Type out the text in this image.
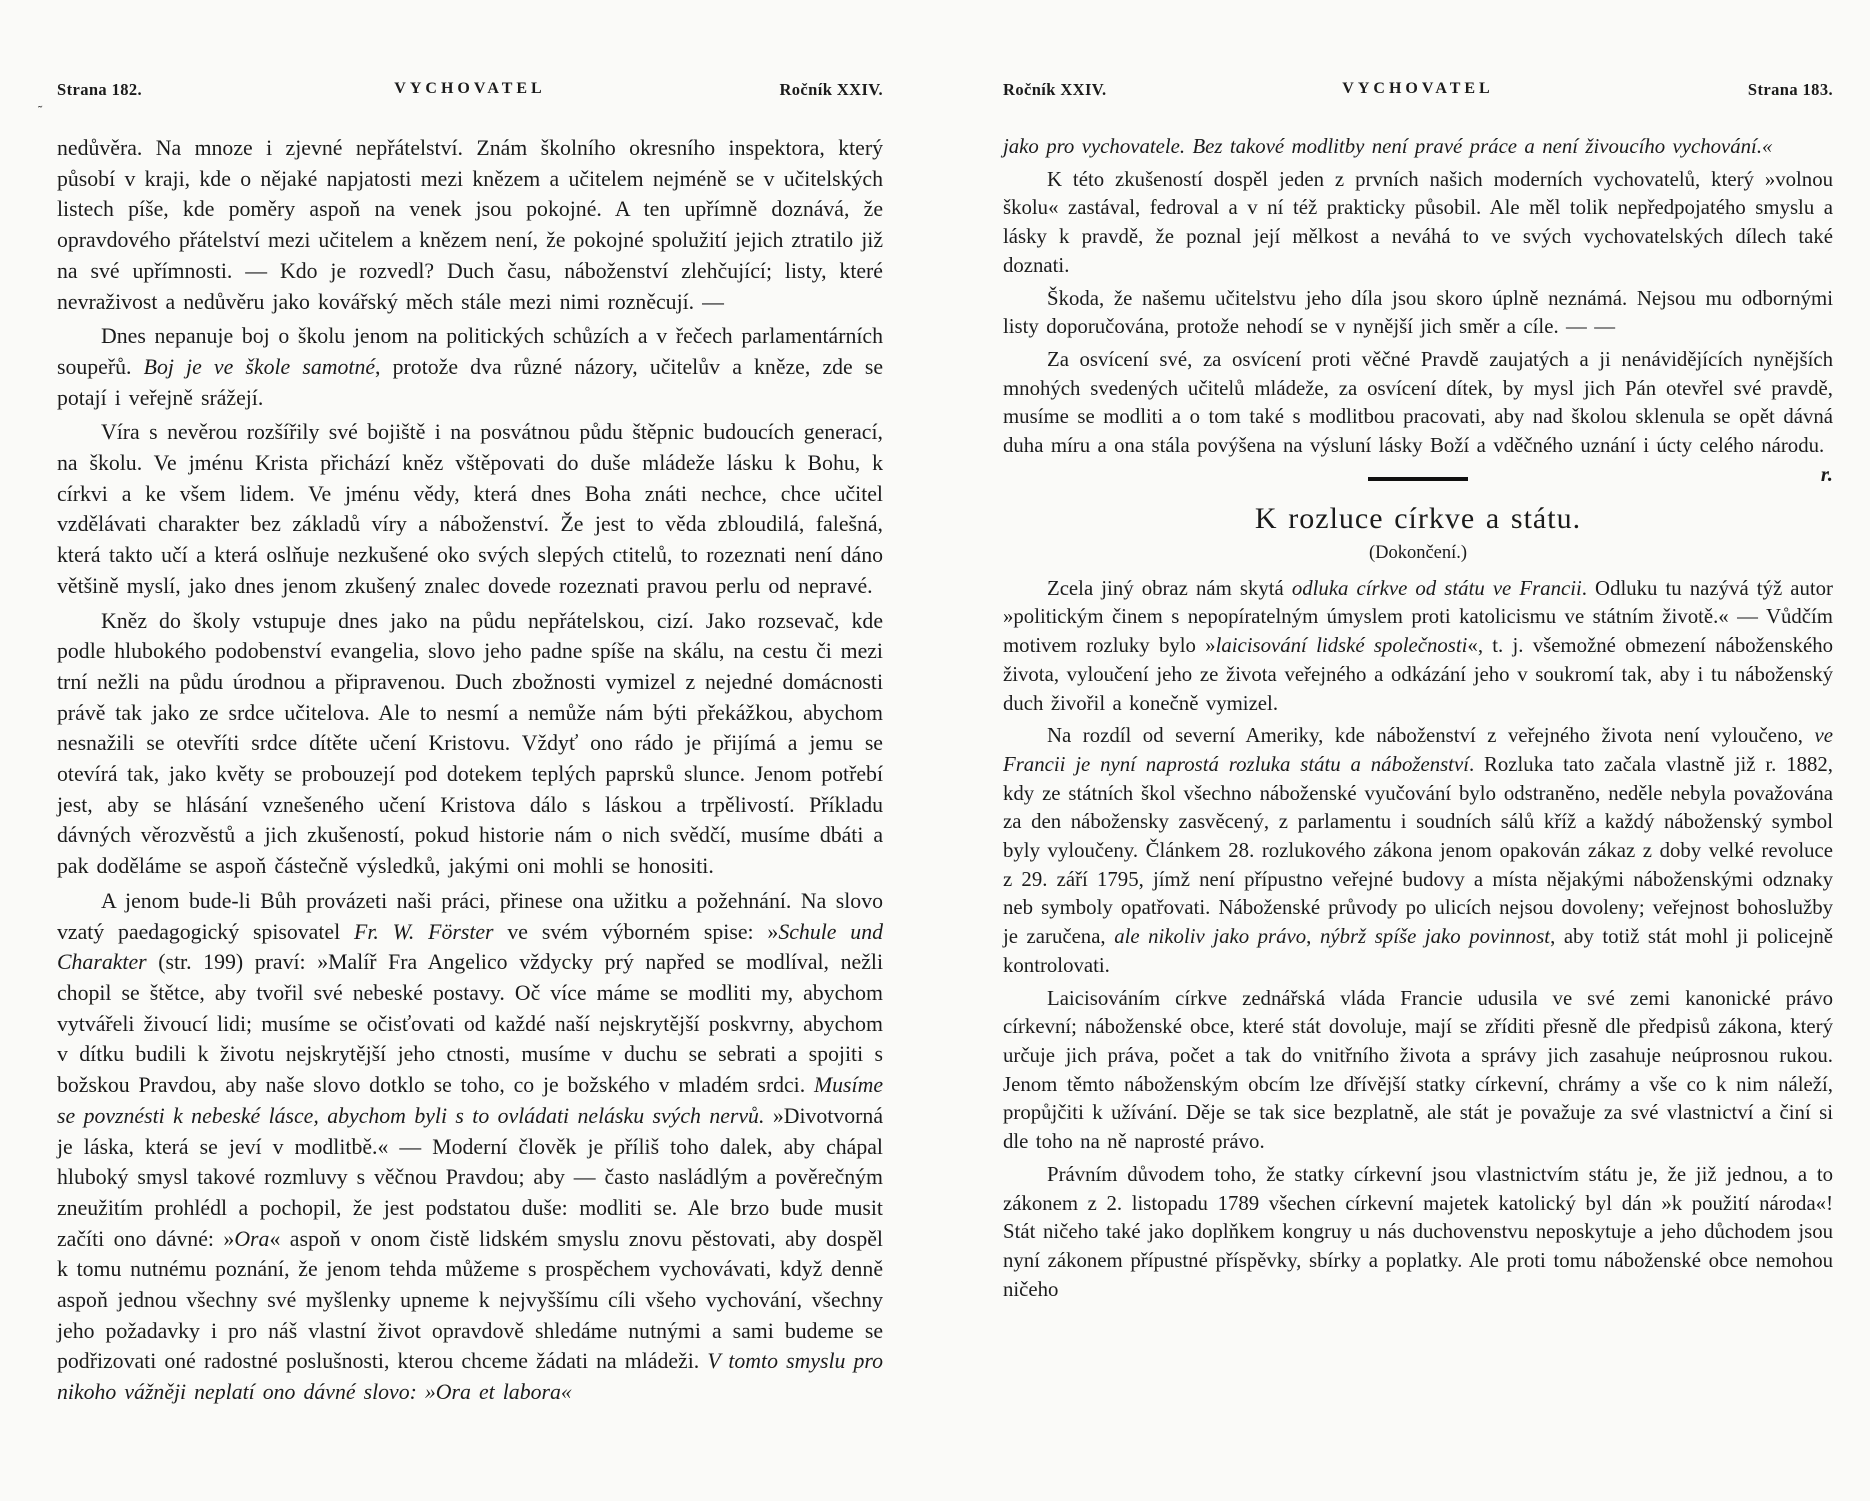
˷
Strana 182.	VYCHOVATEL	Ročník XXIV.

nedůvěra. Na mnoze i zjevné nepřátelství. Znám školního okresního inspektora, který působí v kraji, kde o nějaké napjatosti mezi knězem a učitelem nejméně se v učitelských listech píše, kde poměry aspoň na venek jsou pokojné. A ten upřímně doznává, že opravdového přátelství mezi učitelem a knězem není, že pokojné spolužití jejich ztratilo již na své upřímnosti. — Kdo je rozvedl? Duch času, náboženství zlehčující; listy, které nevraživost a nedůvěru jako kovářský měch stále mezi nimi rozněcují. —

Dnes nepanuje boj o školu jenom na politických schůzích a v řečech parlamentárních soupeřů. Boj je ve škole samotné, protože dva různé názory, učitelův a kněze, zde se potají i veřejně srážejí.

Víra s nevěrou rozšířily své bojiště i na posvátnou půdu štěpnic budoucích generací, na školu. Ve jménu Krista přichází kněz vštěpovati do duše mládeže lásku k Bohu, k církvi a ke všem lidem. Ve jménu vědy, která dnes Boha znáti nechce, chce učitel vzdělávati charakter bez základů víry a náboženství. Že jest to věda zbloudilá, falešná, která takto učí a která oslňuje nezkušené oko svých slepých ctitelů, to rozeznati není dáno většině myslí, jako dnes jenom zkušený znalec dovede rozeznati pravou perlu od nepravé.

Kněz do školy vstupuje dnes jako na půdu nepřátelskou, cizí. Jako rozsevač, kde podle hlubokého podobenství evangelia, slovo jeho padne spíše na skálu, na cestu či mezi trní nežli na půdu úrodnou a připravenou. Duch zbožnosti vymizel z nejedné domácnosti právě tak jako ze srdce učitelova. Ale to nesmí a nemůže nám býti překážkou, abychom nesnažili se otevříti srdce dítěte učení Kristovu. Vždyť ono rádo je přijímá a jemu se otevírá tak, jako květy se probouzejí pod dotekem teplých paprsků slunce. Jenom potřebí jest, aby se hlásání vznešeného učení Kristova dálo s láskou a trpělivostí. Příkladu dávných věrozvěstů a jich zkušeností, pokud historie nám o nich svědčí, musíme dbáti a pak doděláme se aspoň částečně výsledků, jakými oni mohli se honositi.

A jenom bude-li Bůh provázeti naši práci, přinese ona užitku a požehnání. Na slovo vzatý paedagogický spisovatel Fr. W. Förster ve svém výborném spise: »Schule und Charakter (str. 199) praví: »Malíř Fra Angelico vždycky prý napřed se modlíval, nežli chopil se štětce, aby tvořil své nebeské postavy. Oč více máme se modliti my, abychom vytvářeli živoucí lidi; musíme se očisťovati od každé naší nejskrytější poskvrny, abychom v dítku budili k životu nejskrytější jeho ctnosti, musíme v duchu se sebrati a spojiti s božskou Pravdou, aby naše slovo dotklo se toho, co je božského v mladém srdci. Musíme se povznésti k nebeské lásce, abychom byli s to ovládati nelásku svých nervů. »Divotvorná je láska, která se jeví v modlitbě.« — Moderní člověk je příliš toho dalek, aby chápal hluboký smysl takové rozmluvy s věčnou Pravdou; aby — často nasládlým a pověrečným zneužitím prohlédl a pochopil, že jest podstatou duše: modliti se. Ale brzo bude musit začíti ono dávné: »Ora« aspoň v onom čistě lidském smyslu znovu pěstovati, aby dospěl k tomu nutnému poznání, že jenom tehda můžeme s prospěchem vychovávati, když denně aspoň jednou všechny své myšlenky upneme k nejvyššímu cíli všeho vychování, všechny jeho požadavky i pro náš vlastní život opravdově shledáme nutnými a sami budeme se podřizovati oné radostné poslušnosti, kterou chceme žádati na mládeži. V tomto smyslu pro nikoho vážněji neplatí ono dávné slovo: »Ora et labora«

Ročník XXIV.	VYCHOVATEL	Strana 183.

jako pro vychovatele. Bez takové modlitby není pravé práce a není živoucího vychování.«

K této zkušeností dospěl jeden z prvních našich moderních vychovatelů, který »volnou školu« zastával, fedroval a v ní též prakticky působil. Ale měl tolik nepředpojatého smyslu a lásky k pravdě, že poznal její mělkost a neváhá to ve svých vychovatelských dílech také doznati.

Škoda, že našemu učitelstvu jeho díla jsou skoro úplně neznámá. Nejsou mu odbornými listy doporučována, protože nehodí se v nynější jich směr a cíle. — —

Za osvícení své, za osvícení proti věčné Pravdě zaujatých a ji nenávidějících nynějších mnohých svedených učitelů mládeže, za osvícení dítek, by mysl jich Pán otevřel své pravdě, musíme se modliti a o tom také s modlitbou pracovati, aby nad školou sklenula se opět dávná duha míru a ona stála povýšena na výsluní lásky Boží a vděčného uznání i úcty celého národu.
r.

K rozluce církve a státu.
(Dokončení.)

Zcela jiný obraz nám skytá odluka církve od státu ve Francii. Odluku tu nazývá týž autor »politickým činem s nepopíratelným úmyslem proti katolicismu ve státním životě.« — Vůdčím motivem rozluky bylo »laicisování lidské společnosti«, t. j. všemožné obmezení náboženského života, vyloučení jeho ze života veřejného a odkázání jeho v soukromí tak, aby i tu náboženský duch živořil a konečně vymizel.

Na rozdíl od severní Ameriky, kde náboženství z veřejného života není vyloučeno, ve Francii je nyní naprostá rozluka státu a náboženství. Rozluka tato začala vlastně již r. 1882, kdy ze státních škol všechno náboženské vyučování bylo odstraněno, neděle nebyla považována za den nábožensky zasvěcený, z parlamentu i soudních sálů kříž a každý náboženský symbol byly vyloučeny. Článkem 28. rozlukového zákona jenom opakován zákaz z doby velké revoluce z 29. září 1795, jímž není přípustno veřejné budovy a místa nějakými náboženskými odznaky neb symboly opatřovati. Náboženské průvody po ulicích nejsou dovoleny; veřejnost bohoslužby je zaručena, ale nikoliv jako právo, nýbrž spíše jako povinnost, aby totiž stát mohl ji policejně kontrolovati.

Laicisováním církve zednářská vláda Francie udusila ve své zemi kanonické právo církevní; náboženské obce, které stát dovoluje, mají se zříditi přesně dle předpisů zákona, který určuje jich práva, počet a tak do vnitřního života a správy jich zasahuje neúprosnou rukou. Jenom těmto náboženským obcím lze dřívější statky církevní, chrámy a vše co k nim náleží, propůjčiti k užívání. Děje se tak sice bezplatně, ale stát je považuje za své vlastnictví a činí si dle toho na ně naprosté právo.

Právním důvodem toho, že statky církevní jsou vlastnictvím státu je, že již jednou, a to zákonem z 2. listopadu 1789 všechen církevní majetek katolický byl dán »k použití národa«! Stát ničeho také jako doplňkem kongruy u nás duchovenstvu neposkytuje a jeho důchodem jsou nyní zákonem přípustné příspěvky, sbírky a poplatky. Ale proti tomu náboženské obce nemohou ničeho
